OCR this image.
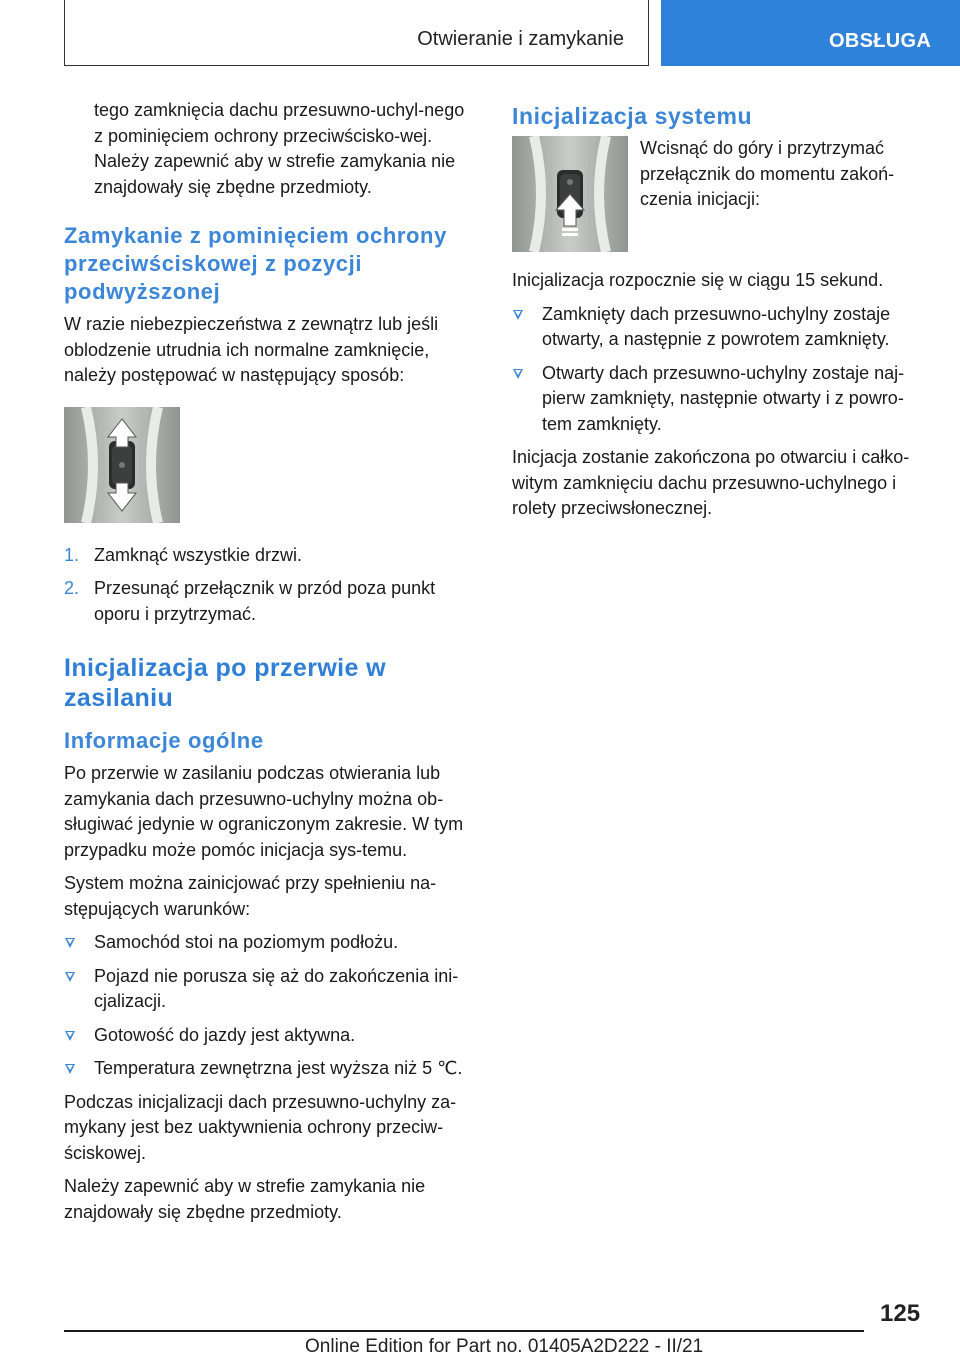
Otwieranie i zamykanie	OBSŁUGA

tego zamknięcia dachu przesuwno-uchyl-nego z pominięciem ochrony przeciwścisko-wej. Należy zapewnić aby w strefie zamykania nie znajdowały się zbędne przedmioty.

Zamykanie z pominięciem ochrony przeciwściskowej z pozycji podwyższonej

W razie niebezpieczeństwa z zewnątrz lub jeśli oblodzenie utrudnia ich normalne zamknięcie, należy postępować w następujący sposób:

1. Zamknąć wszystkie drzwi.
2. Przesunąć przełącznik w przód poza punkt oporu i przytrzymać.
Inicjalizacja po przerwie w zasilaniu
Informacje ogólne

Po przerwie w zasilaniu podczas otwierania lub zamykania dach przesuwno-uchylny można ob-sługiwać jedynie w ograniczonym zakresie. W tym przypadku może pomóc inicjacja sys-temu.

System można zainicjować przy spełnieniu na-stępujących warunków:

Samochód stoi na poziomym podłożu.
Pojazd nie porusza się aż do zakończenia ini-cjalizacji.
Gotowość do jazdy jest aktywna.
Temperatura zewnętrzna jest wyższa niż 5 ℃.

Podczas inicjalizacji dach przesuwno-uchylny za-mykany jest bez uaktywnienia ochrony przeciw-ściskowej.

Należy zapewnić aby w strefie zamykania nie znajdowały się zbędne przedmioty.

Inicjalizacja systemu

Wcisnąć do góry i przytrzymać przełącznik do momentu zakoń-czenia inicjacji:

Inicjalizacja rozpocznie się w ciągu 15 sekund.

Zamknięty dach przesuwno-uchylny zostaje otwarty, a następnie z powrotem zamknięty.
Otwarty dach przesuwno-uchylny zostaje naj-pierw zamknięty, następnie otwarty i z powro-tem zamknięty.

Inicjacja zostanie zakończona po otwarciu i całko-witym zamknięciu dachu przesuwno-uchylnego i rolety przeciwsłonecznej.

125
Online Edition for Part no. 01405A2D222 - II/21
